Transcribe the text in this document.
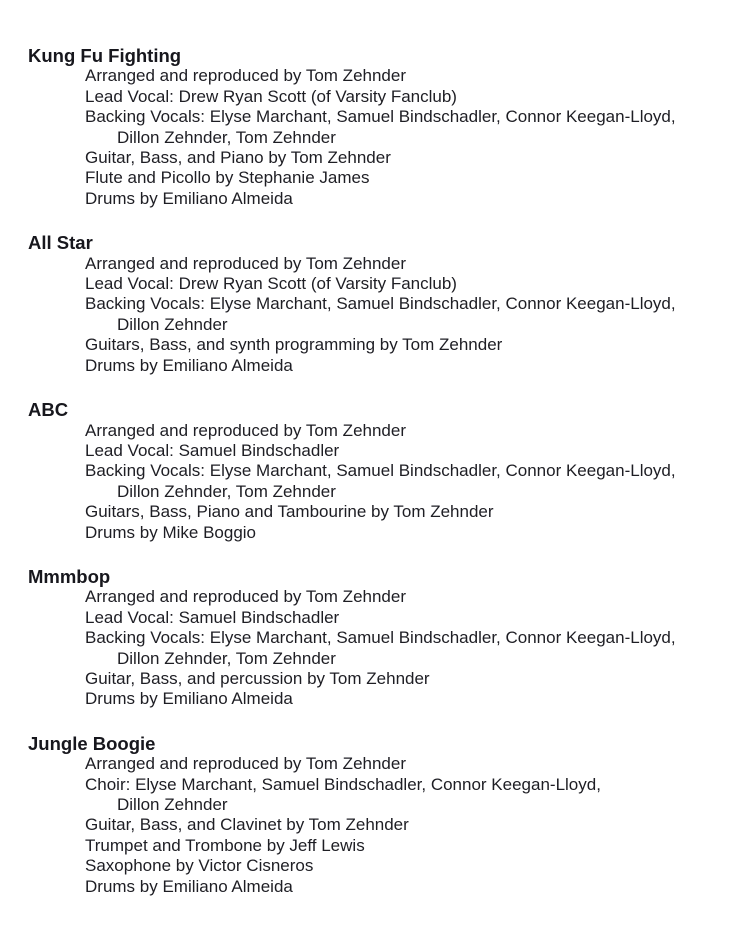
Kung Fu Fighting
Arranged and reproduced by Tom Zehnder
Lead Vocal: Drew Ryan Scott (of Varsity Fanclub)
Backing Vocals: Elyse Marchant, Samuel Bindschadler, Connor Keegan-Lloyd,
Dillon Zehnder, Tom Zehnder
Guitar, Bass, and Piano by Tom Zehnder
Flute and Picollo by Stephanie James
Drums by Emiliano Almeida
All Star
Arranged and reproduced by Tom Zehnder
Lead Vocal: Drew Ryan Scott (of Varsity Fanclub)
Backing Vocals: Elyse Marchant, Samuel Bindschadler, Connor Keegan-Lloyd,
Dillon Zehnder
Guitars, Bass, and synth programming by Tom Zehnder
Drums by Emiliano Almeida
ABC
Arranged and reproduced by Tom Zehnder
Lead Vocal: Samuel Bindschadler
Backing Vocals: Elyse Marchant, Samuel Bindschadler, Connor Keegan-Lloyd,
Dillon Zehnder, Tom Zehnder
Guitars, Bass, Piano and Tambourine by Tom Zehnder
Drums by Mike Boggio
Mmmbop
Arranged and reproduced by Tom Zehnder
Lead Vocal: Samuel Bindschadler
Backing Vocals: Elyse Marchant, Samuel Bindschadler, Connor Keegan-Lloyd,
Dillon Zehnder, Tom Zehnder
Guitar, Bass, and percussion by Tom Zehnder
Drums by Emiliano Almeida
Jungle Boogie
Arranged and reproduced by Tom Zehnder
Choir: Elyse Marchant, Samuel Bindschadler, Connor Keegan-Lloyd,
Dillon Zehnder
Guitar, Bass, and Clavinet by Tom Zehnder
Trumpet and Trombone by Jeff Lewis
Saxophone by Victor Cisneros
Drums by Emiliano Almeida
